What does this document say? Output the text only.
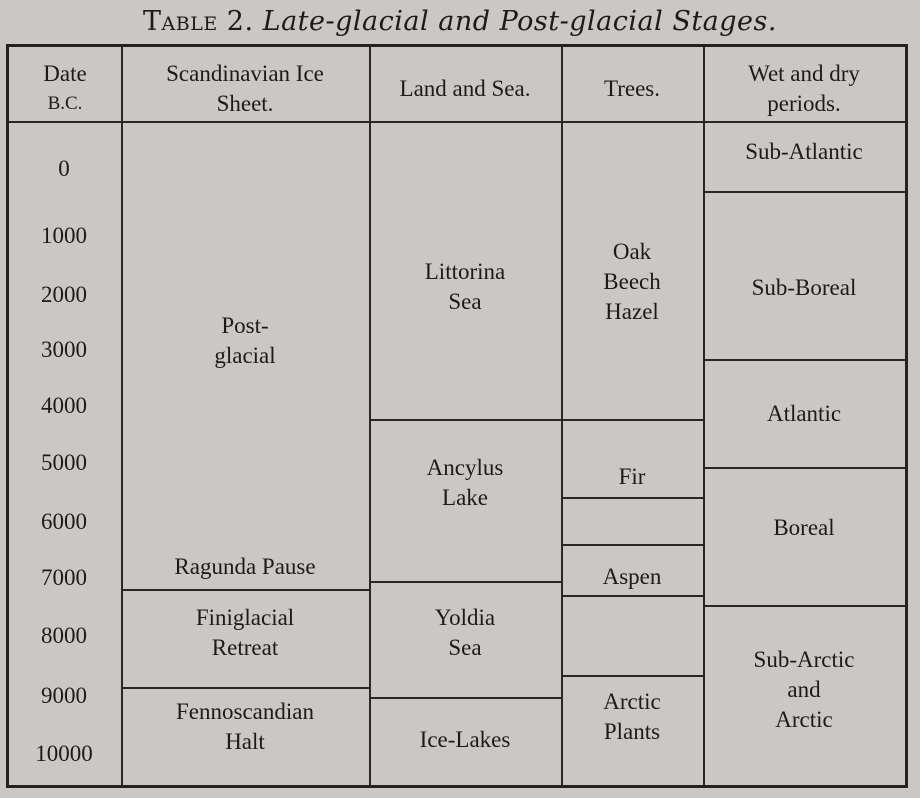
Table 2. Late-glacial and Post-glacial Stages.
Date
B.C.
Scandinavian Ice
Sheet.
Land and Sea.	Trees.
Wet and dry
periods.
0
1000
2000
3000
4000
5000
6000
7000
8000
9000
10000
Post-
glacial
Ragunda Pause
Finiglacial
Retreat
Fennoscandian
Halt
Littorina
Sea
Ancylus
Lake
Yoldia
Sea
Ice-Lakes
Oak
Beech
Hazel
Fir
Aspen
Arctic
Plants
Sub-Atlantic
Sub-Boreal
Atlantic
Boreal
Sub-Arctic
and
Arctic
